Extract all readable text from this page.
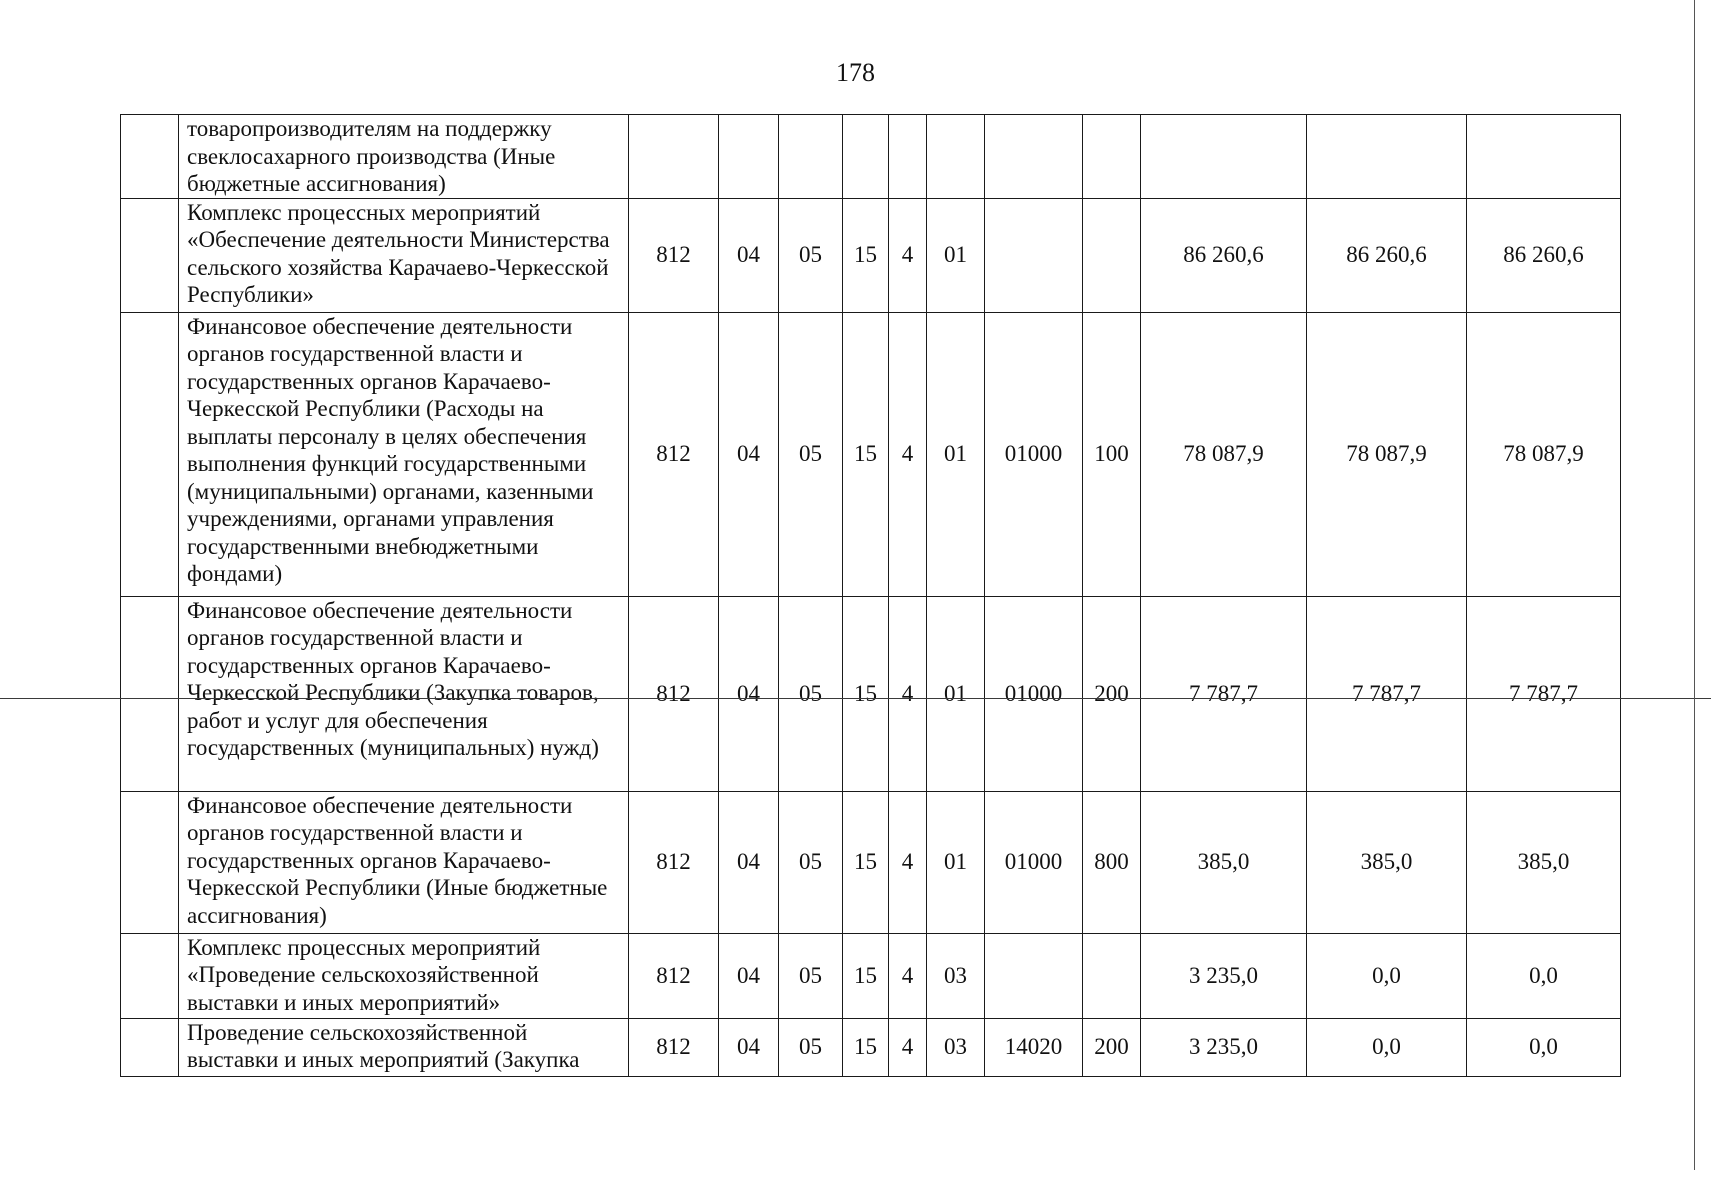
178
	товаропроизводителям на поддержку свеклосахарного производства (Иные бюджетные ассигнования)											
	Комплекс процессных мероприятий «Обеспечение деятельности Министерства сельского хозяйства Карачаево-Черкесской Республики»	812	04	05	15	4	01			86 260,6	86 260,6	86 260,6
	Финансовое обеспечение деятельности органов государственной власти и государственных органов Карачаево-Черкесской Республики (Расходы на выплаты персоналу в целях обеспечения выполнения функций государственными (муниципальными) органами, казенными учреждениями, органами управления государственными внебюджетными фондами)	812	04	05	15	4	01	01000	100	78 087,9	78 087,9	78 087,9
	Финансовое обеспечение деятельности органов государственной власти и государственных органов Карачаево-Черкесской Республики (Закупка товаров, работ и услуг для обеспечения государственных (муниципальных) нужд)	812	04	05	15	4	01	01000	200	7 787,7	7 787,7	7 787,7
	Финансовое обеспечение деятельности органов государственной власти и государственных органов Карачаево-Черкесской Республики (Иные бюджетные ассигнования)	812	04	05	15	4	01	01000	800	385,0	385,0	385,0
	Комплекс процессных мероприятий «Проведение сельскохозяйственной выставки и иных мероприятий»	812	04	05	15	4	03			3 235,0	0,0	0,0
	Проведение сельскохозяйственной выставки и иных мероприятий (Закупка	812	04	05	15	4	03	14020	200	3 235,0	0,0	0,0
